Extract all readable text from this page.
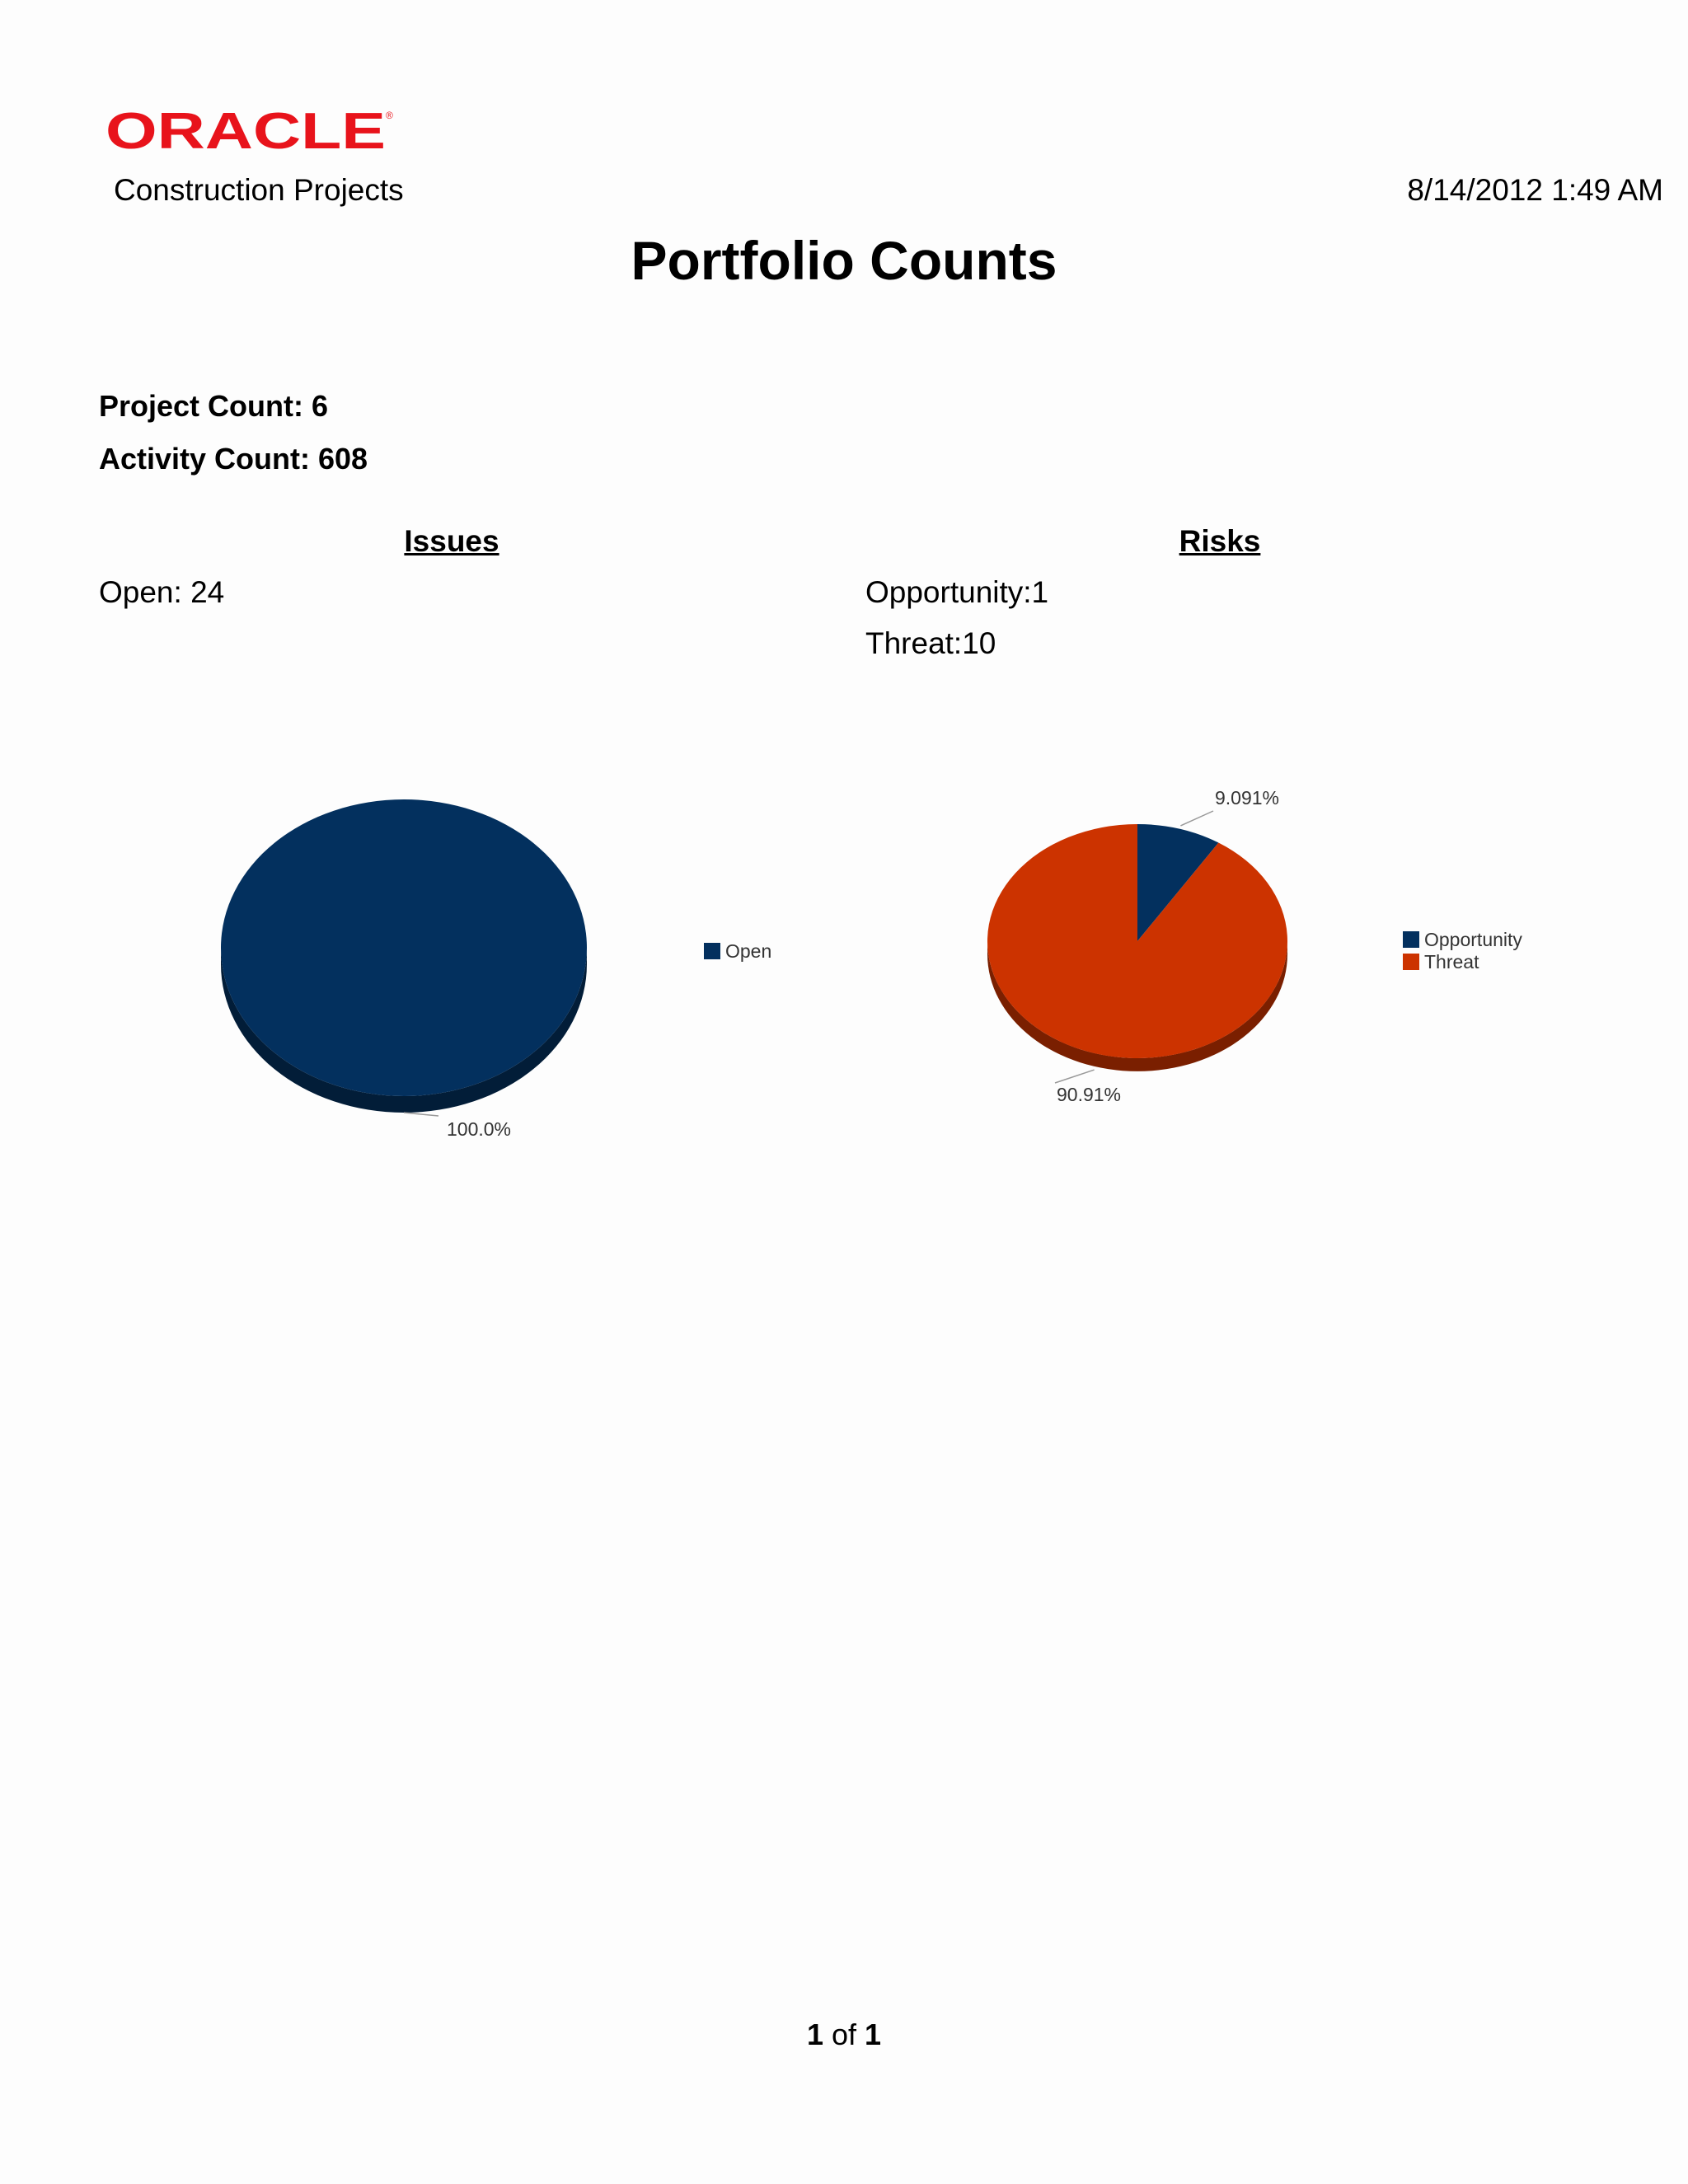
ORACLE ®
Construction Projects	8/14/2012 1:49 AM
Portfolio Counts
Project Count: 6
Activity Count: 608
Issues	Risks
Open: 24	Opportunity:1
Threat:10
100.0%
Open
9.091%
Opportunity
90.91%
Threat
1 of 1
